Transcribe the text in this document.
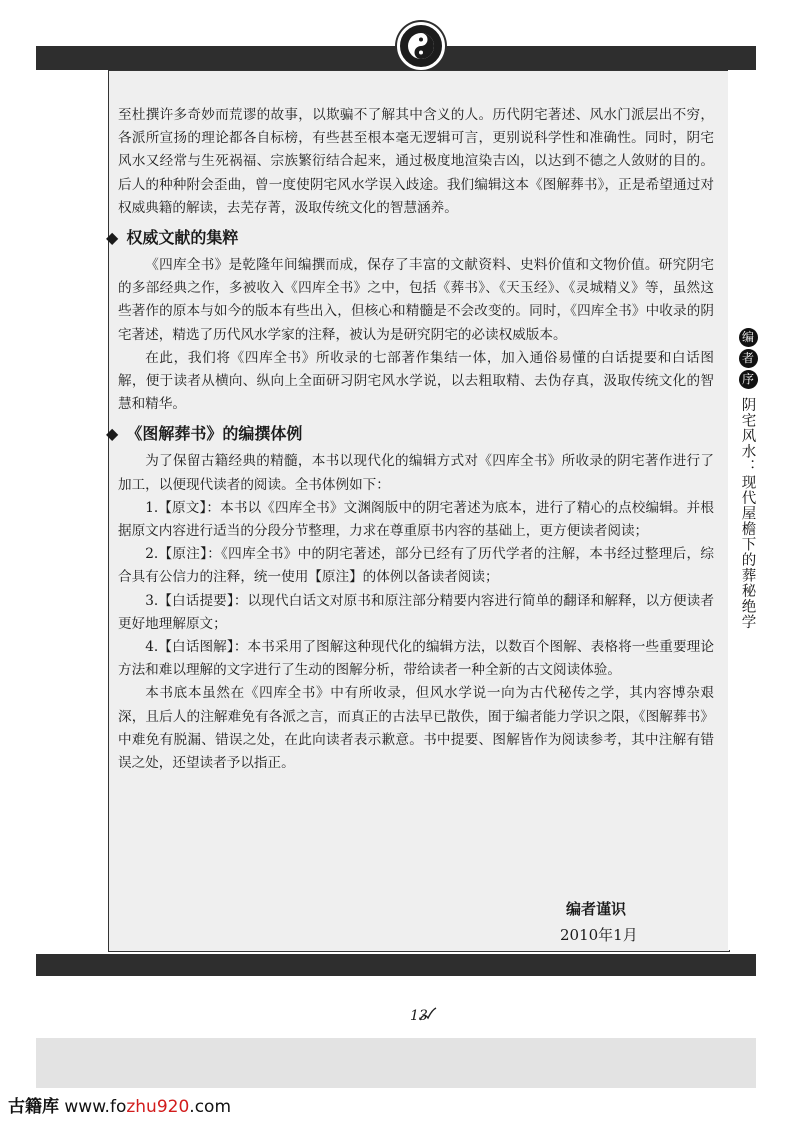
编
者
序
阴宅风水：现代屋檐下的葬秘绝学

至杜撰许多奇妙而荒谬的故事，以欺骗不了解其中含义的人。历代阴宅著述、风水门派层出不穷，各派所宣扬的理论都各自标榜，有些甚至根本毫无逻辑可言，更别说科学性和准确性。同时，阴宅风水又经常与生死祸福、宗族繁衍结合起来，通过极度地渲染吉凶，以达到不德之人敛财的目的。后人的种种附会歪曲，曾一度使阴宅风水学误入歧途。我们编辑这本《图解葬书》，正是希望通过对权威典籍的解读，去芜存菁，汲取传统文化的智慧涵养。

◆ 权威文献的集粹

《四库全书》是乾隆年间编撰而成，保存了丰富的文献资料、史料价值和文物价值。研究阴宅的多部经典之作，多被收入《四库全书》之中，包括《葬书》、《天玉经》、《灵城精义》等，虽然这些著作的原本与如今的版本有些出入，但核心和精髓是不会改变的。同时，《四库全书》中收录的阴宅著述，精选了历代风水学家的注释，被认为是研究阴宅的必读权威版本。

在此，我们将《四库全书》所收录的七部著作集结一体，加入通俗易懂的白话提要和白话图解，便于读者从横向、纵向上全面研习阴宅风水学说，以去粗取精、去伪存真，汲取传统文化的智慧和精华。

◆ 《图解葬书》的编撰体例

为了保留古籍经典的精髓，本书以现代化的编辑方式对《四库全书》所收录的阴宅著作进行了加工，以便现代读者的阅读。全书体例如下：

1.【原文】：本书以《四库全书》文渊阁版中的阴宅著述为底本，进行了精心的点校编辑。并根据原文内容进行适当的分段分节整理，力求在尊重原书内容的基础上，更方便读者阅读；

2.【原注】：《四库全书》中的阴宅著述，部分已经有了历代学者的注解，本书经过整理后，综合具有公信力的注释，统一使用【原注】的体例以备读者阅读；

3.【白话提要】：以现代白话文对原书和原注部分精要内容进行简单的翻译和解释，以方便读者更好地理解原文；

4.【白话图解】：本书采用了图解这种现代化的编辑方法，以数百个图解、表格将一些重要理论方法和难以理解的文字进行了生动的图解分析，带给读者一种全新的古文阅读体验。

本书底本虽然在《四库全书》中有所收录，但风水学说一向为古代秘传之学，其内容博杂艰深，且后人的注解难免有各派之言，而真正的古法早已散佚，囿于编者能力学识之限，《图解葬书》中难免有脱漏、错误之处，在此向读者表示歉意。书中提要、图解皆作为阅读参考，其中注解有错误之处，还望读者予以指正。

编者谨识
2010年1月
13
古籍库 www.fozhu920.com
